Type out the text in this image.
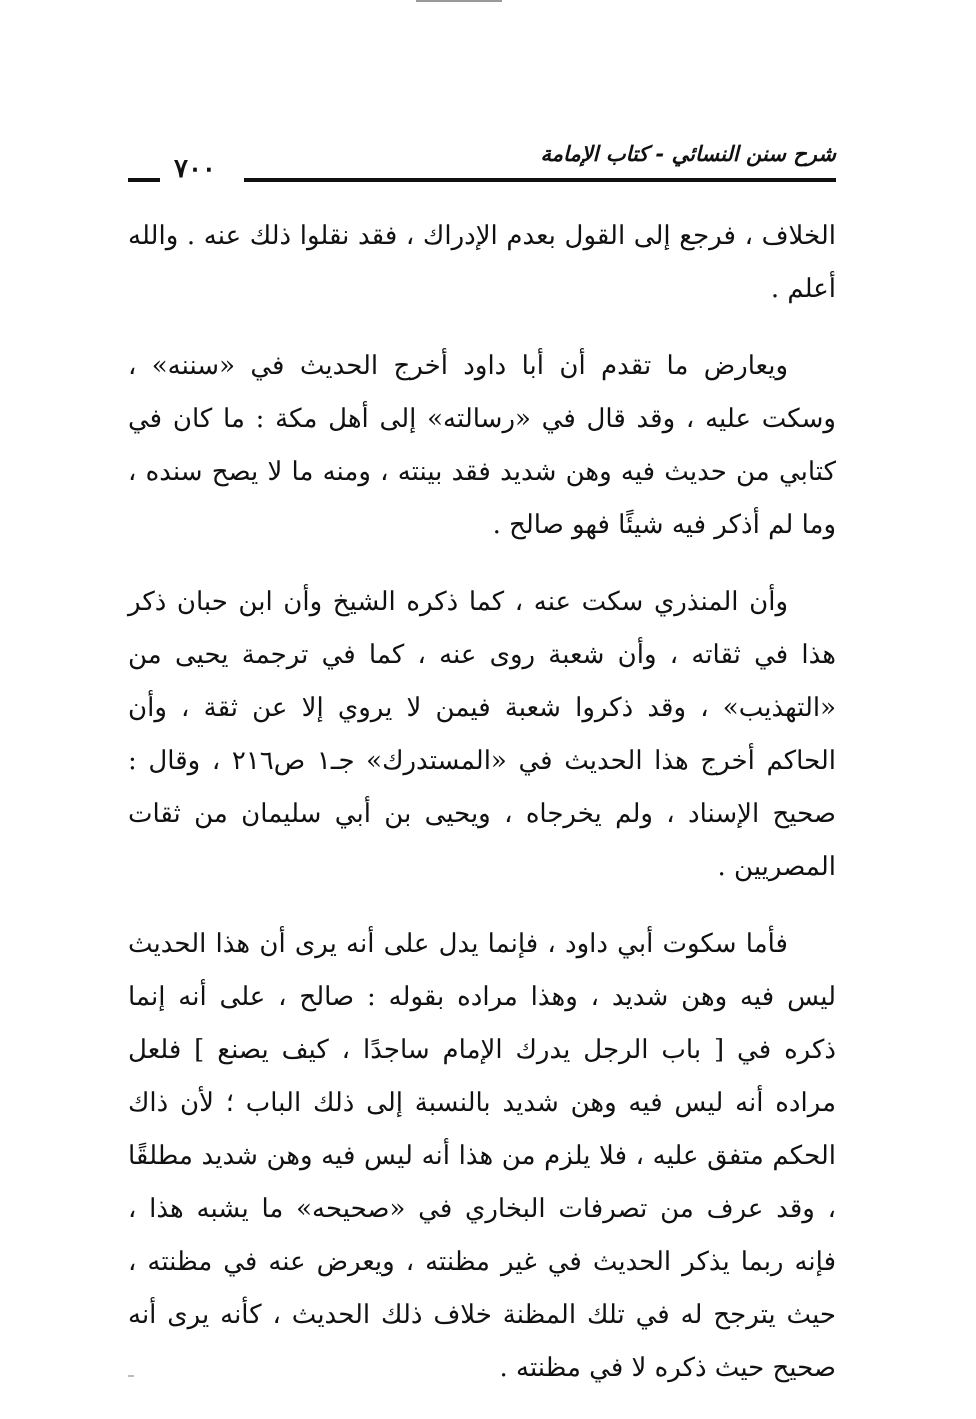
شرح سنن النسائي - كتاب الإمامة
٧٠٠

الخلاف ، فرجع إلى القول بعدم الإدراك ، فقد نقلوا ذلك عنه . والله أعلم .

ويعارض ما تقدم أن أبا داود أخرج الحديث في «سننه» ، وسكت عليه ، وقد قال في «رسالته» إلى أهل مكة : ما كان في كتابي من حديث فيه وهن شديد فقد بينته ، ومنه ما لا يصح سنده ، وما لم أذكر فيه شيئًا فهو صالح .

وأن المنذري سكت عنه ، كما ذكره الشيخ وأن ابن حبان ذكر هذا في ثقاته ، وأن شعبة روى عنه ، كما في ترجمة يحيى من «التهذيب» ، وقد ذكروا شعبة فيمن لا يروي إلا عن ثقة ، وأن الحاكم أخرج هذا الحديث في «المستدرك» جـ١ ص٢١٦ ، وقال : صحيح الإسناد ، ولم يخرجاه ، ويحيى بن أبي سليمان من ثقات المصريين .

فأما سكوت أبي داود ، فإنما يدل على أنه يرى أن هذا الحديث ليس فيه وهن شديد ، وهذا مراده بقوله : صالح ، على أنه إنما ذكره في [ باب الرجل يدرك الإمام ساجدًا ، كيف يصنع ] فلعل مراده أنه ليس فيه وهن شديد بالنسبة إلى ذلك الباب ؛ لأن ذاك الحكم متفق عليه ، فلا يلزم من هذا أنه ليس فيه وهن شديد مطلقًا ، وقد عرف من تصرفات البخاري في «صحيحه» ما يشبه هذا ، فإنه ربما يذكر الحديث في غير مظنته ، ويعرض عنه في مظنته ، حيث يترجح له في تلك المظنة خلاف ذلك الحديث ، كأنه يرى أنه صحيح حيث ذكره لا في مظنته .
